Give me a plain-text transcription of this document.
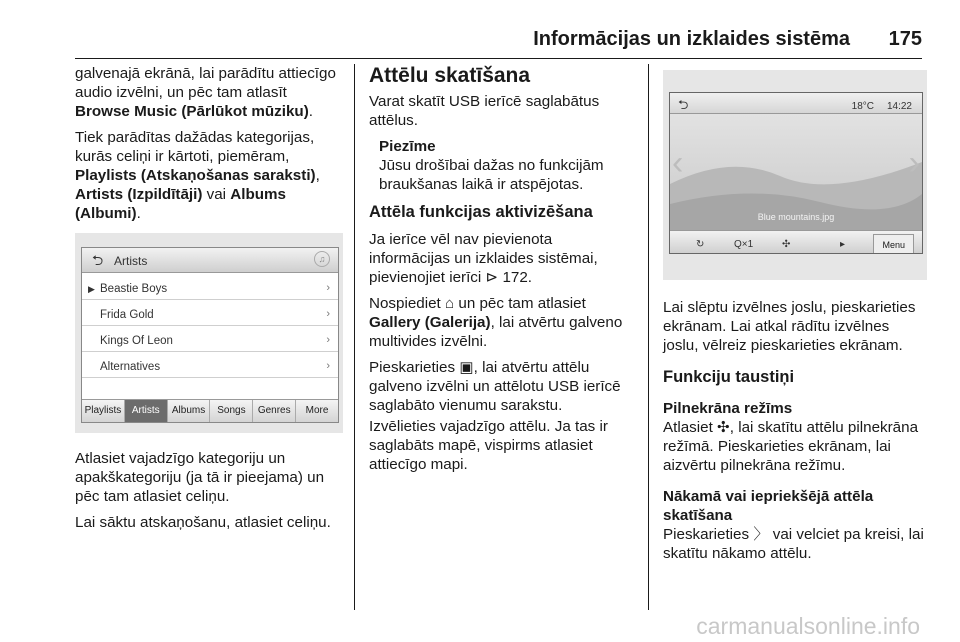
Informācijas un izklaides sistēma 175

galvenajā ekrānā, lai parādītu attiecīgo audio izvēlni, un pēc tam atlasīt Browse Music (Pārlūkot mūziku).

Tiek parādītas dažādas kategorijas, kurās celiņi ir kārtoti, piemēram, Playlists (Atskaņošanas saraksti), Artists (Izpildītāji) vai Albums (Albumi).

⮌ Artists	♫
▶ Beastie Boys	›
Frida Gold	›
Kings Of Leon	›
Alternatives	›
Playlists	Artists	Albums	Songs	Genres	More

Atlasiet vajadzīgo kategoriju un apakškategoriju (ja tā ir pieejama) un pēc tam atlasiet celiņu.

Lai sāktu atskaņošanu, atlasiet celiņu.

Attēlu skatīšana

Varat skatīt USB ierīcē saglabātus attēlus.

Piezīme
Jūsu drošībai dažas no funkcijām braukšanas laikā ir atspējotas.
Attēla funkcijas aktivizēšana

Ja ierīce vēl nav pievienota informācijas un izklaides sistēmai, pievienojiet ierīci ⊳ 172.

Nospiediet ⌂ un pēc tam atlasiet Gallery (Galerija), lai atvērtu galveno multivides izvēlni.

Pieskarieties ▣, lai atvērtu attēlu galveno izvēlni un attēlotu USB ierīcē saglabāto vienumu sarakstu.

Izvēlieties vajadzīgo attēlu. Ja tas ir saglabāts mapē, vispirms atlasiet attiecīgo mapi.

⮌	18°C 14:22
‹	›
Blue mountains.jpg
↻	Q×1	✣	▸	Menu

Lai slēptu izvēlnes joslu, pieskarieties ekrānam. Lai atkal rādītu izvēlnes joslu, vēlreiz pieskarieties ekrānam.

Funkciju taustiņi
Pilnekrāna režīms

Atlasiet ✣, lai skatītu attēlu pilnekrāna režīmā. Pieskarieties ekrānam, lai aizvērtu pilnekrāna režīmu.

Nākamā vai iepriekšējā attēla skatīšana

Pieskarieties 〉 vai velciet pa kreisi, lai skatītu nākamo attēlu.

carmanualsonline.info
